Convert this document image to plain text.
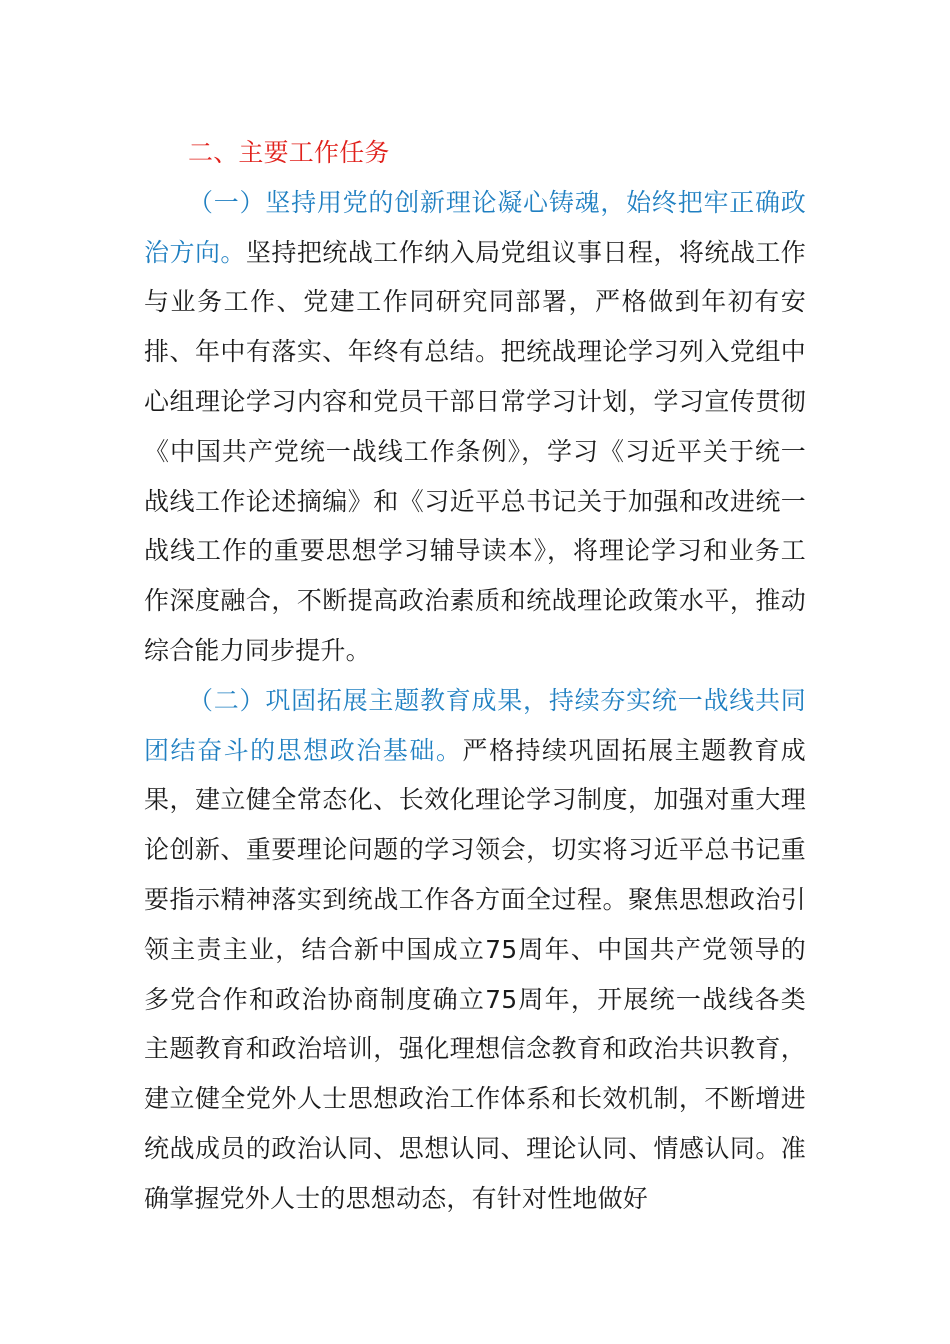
二、主要工作任务

（一）坚持用党的创新理论凝心铸魂，始终把牢正确政治方向。坚持把统战工作纳入局党组议事日程，将统战工作与业务工作、党建工作同研究同部署，严格做到年初有安排、年中有落实、年终有总结。把统战理论学习列入党组中心组理论学习内容和党员干部日常学习计划，学习宣传贯彻《中国共产党统一战线工作条例》，学习《习近平关于统一战线工作论述摘编》和《习近平总书记关于加强和改进统一战线工作的重要思想学习辅导读本》，将理论学习和业务工作深度融合，不断提高政治素质和统战理论政策水平，推动综合能力同步提升。

（二）巩固拓展主题教育成果，持续夯实统一战线共同团结奋斗的思想政治基础。严格持续巩固拓展主题教育成果，建立健全常态化、长效化理论学习制度，加强对重大理论创新、重要理论问题的学习领会，切实将习近平总书记重要指示精神落实到统战工作各方面全过程。聚焦思想政治引领主责主业，结合新中国成立75周年、中国共产党领导的多党合作和政治协商制度确立75周年，开展统一战线各类主题教育和政治培训，强化理想信念教育和政治共识教育，建立健全党外人士思想政治工作体系和长效机制，不断增进统战成员的政治认同、思想认同、理论认同、情感认同。准确掌握党外人士的思想动态，有针对性地做好
